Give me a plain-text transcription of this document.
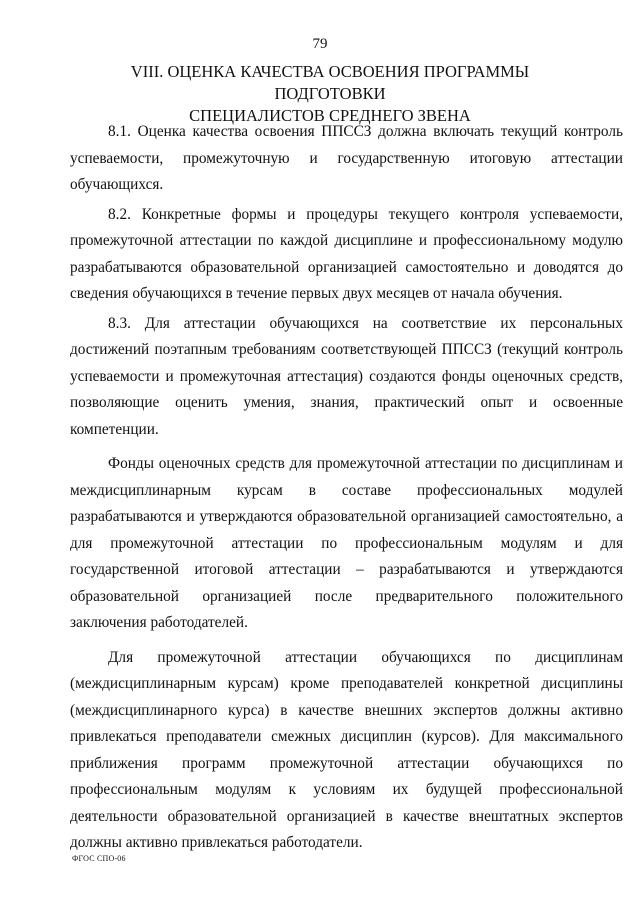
79
VIII. ОЦЕНКА КАЧЕСТВА ОСВОЕНИЯ ПРОГРАММЫ ПОДГОТОВКИ
СПЕЦИАЛИСТОВ СРЕДНЕГО ЗВЕНА

8.1. Оценка качества освоения ППССЗ должна включать текущий контроль успеваемости, промежуточную и государственную итоговую аттестации обучающихся.

8.2. Конкретные формы и процедуры текущего контроля успеваемости, промежуточной аттестации по каждой дисциплине и профессиональному модулю разрабатываются образовательной организацией самостоятельно и доводятся до сведения обучающихся в течение первых двух месяцев от начала обучения.

8.3. Для аттестации обучающихся на соответствие их персональных достижений поэтапным требованиям соответствующей ППССЗ (текущий контроль успеваемости и промежуточная аттестация) создаются фонды оценочных средств, позволяющие оценить умения, знания, практический опыт и освоенные компетенции.

Фонды оценочных средств для промежуточной аттестации по дисциплинам и междисциплинарным курсам в составе профессиональных модулей разрабатываются и утверждаются образовательной организацией самостоятельно, а для промежуточной аттестации по профессиональным модулям и для государственной итоговой аттестации – разрабатываются и утверждаются образовательной организацией после предварительного положительного заключения работодателей.

Для промежуточной аттестации обучающихся по дисциплинам (междисциплинарным курсам) кроме преподавателей конкретной дисциплины (междисциплинарного курса) в качестве внешних экспертов должны активно привлекаться преподаватели смежных дисциплин (курсов). Для максимального приближения программ промежуточной аттестации обучающихся по профессиональным модулям к условиям их будущей профессиональной деятельности образовательной организацией в качестве внештатных экспертов должны активно привлекаться работодатели.

ФГОС СПО-06
